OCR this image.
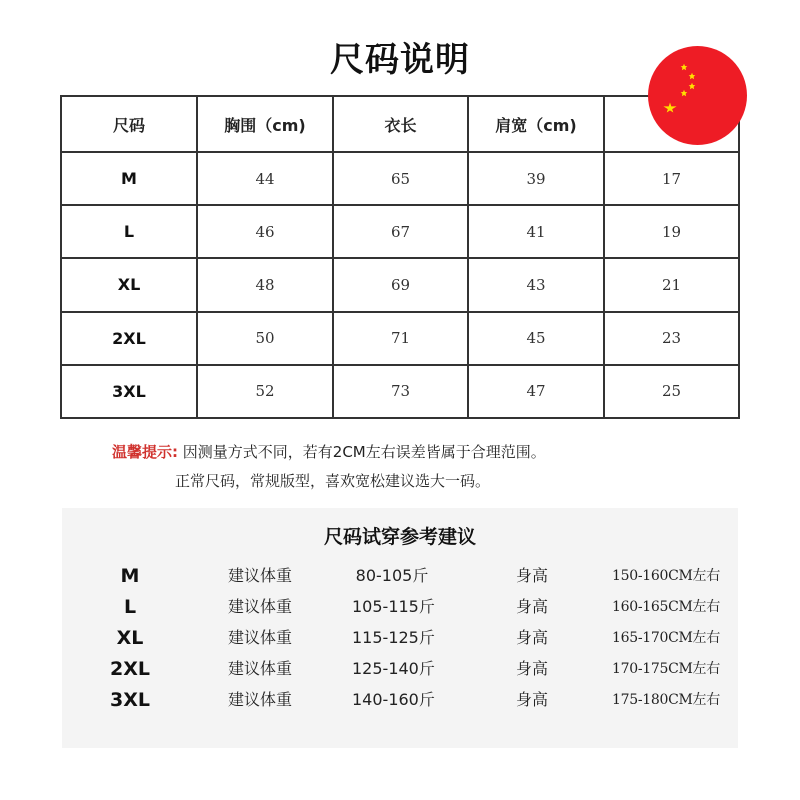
尺码说明
尺码	胸围（cm)	衣长	肩宽（cm)	
M	44	65	39	17
L	46	67	41	19
XL	48	69	43	21
2XL	50	71	45	23
3XL	52	73	47	25
温馨提示: 因测量方式不同，若有2CM左右误差皆属于合理范围。
正常尺码，常规版型，喜欢宽松建议选大一码。
尺码试穿参考建议
M	建议体重	80-105斤	身高	150-160CM左右
L	建议体重	105-115斤	身高	160-165CM左右
XL	建议体重	115-125斤	身高	165-170CM左右
2XL	建议体重	125-140斤	身高	170-175CM左右
3XL	建议体重	140-160斤	身高	175-180CM左右
